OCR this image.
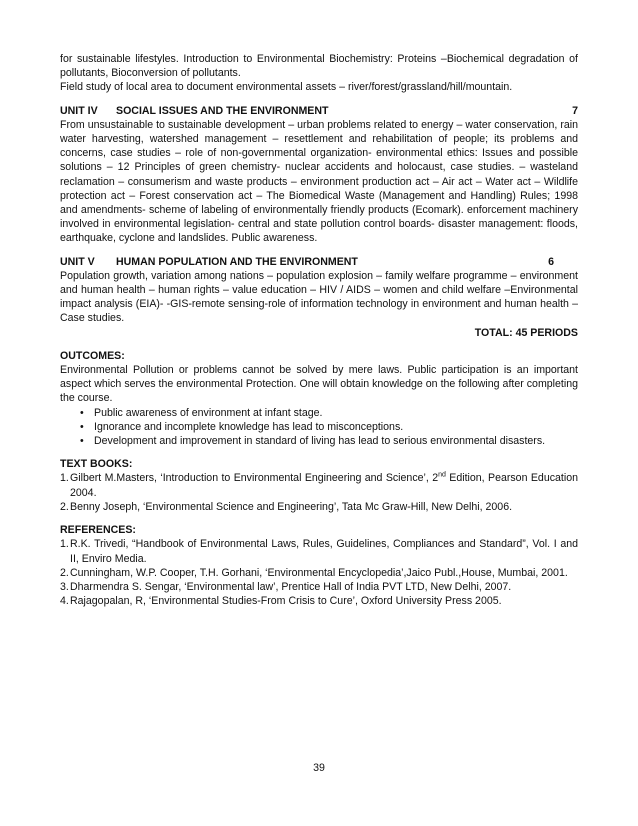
for sustainable lifestyles. Introduction to Environmental Biochemistry: Proteins –Biochemical degradation of pollutants, Bioconversion of pollutants.

Field study of local area to document environmental assets – river/forest/grassland/hill/mountain.

UNIT IV	SOCIAL ISSUES AND THE ENVIRONMENT	7

From unsustainable to sustainable development – urban problems related to energy – water conservation, rain water harvesting, watershed management – resettlement and rehabilitation of people; its problems and concerns, case studies – role of non-governmental organization- environmental ethics: Issues and possible solutions – 12 Principles of green chemistry- nuclear accidents and holocaust, case studies. – wasteland reclamation – consumerism and waste products – environment production act – Air act – Water act – Wildlife protection act – Forest conservation act – The Biomedical Waste (Management and Handling) Rules; 1998 and amendments- scheme of labeling of environmentally friendly products (Ecomark). enforcement machinery involved in environmental legislation- central and state pollution control boards- disaster management: floods, earthquake, cyclone and landslides. Public awareness.

UNIT V	HUMAN POPULATION AND THE ENVIRONMENT	6

Population growth, variation among nations – population explosion – family welfare programme – environment and human health – human rights – value education – HIV / AIDS – women and child welfare –Environmental impact analysis (EIA)- -GIS-remote sensing-role of information technology in environment and human health – Case studies.

TOTAL: 45 PERIODS

OUTCOMES:

Environmental Pollution or problems cannot be solved by mere laws. Public participation is an important aspect which serves the environmental Protection. One will obtain knowledge on the following after completing the course.

• Public awareness of environment at infant stage.
• Ignorance and incomplete knowledge has lead to misconceptions.
• Development and improvement in standard of living has lead to serious environmental disasters.

TEXT BOOKS:

1. Gilbert M.Masters, ‘Introduction to Environmental Engineering and Science’, 2nd Edition, Pearson Education 2004.
2. Benny Joseph, ‘Environmental Science and Engineering’, Tata Mc Graw-Hill, New Delhi, 2006.

REFERENCES:

1. R.K. Trivedi, “Handbook of Environmental Laws, Rules, Guidelines, Compliances and Standard”, Vol. I and II, Enviro Media.
2. Cunningham, W.P. Cooper, T.H. Gorhani, ‘Environmental Encyclopedia’,Jaico Publ.,House, Mumbai, 2001.
3. Dharmendra S. Sengar, ‘Environmental law’, Prentice Hall of India PVT LTD, New Delhi, 2007.
4. Rajagopalan, R, ‘Environmental Studies-From Crisis to Cure’, Oxford University Press 2005.
39
